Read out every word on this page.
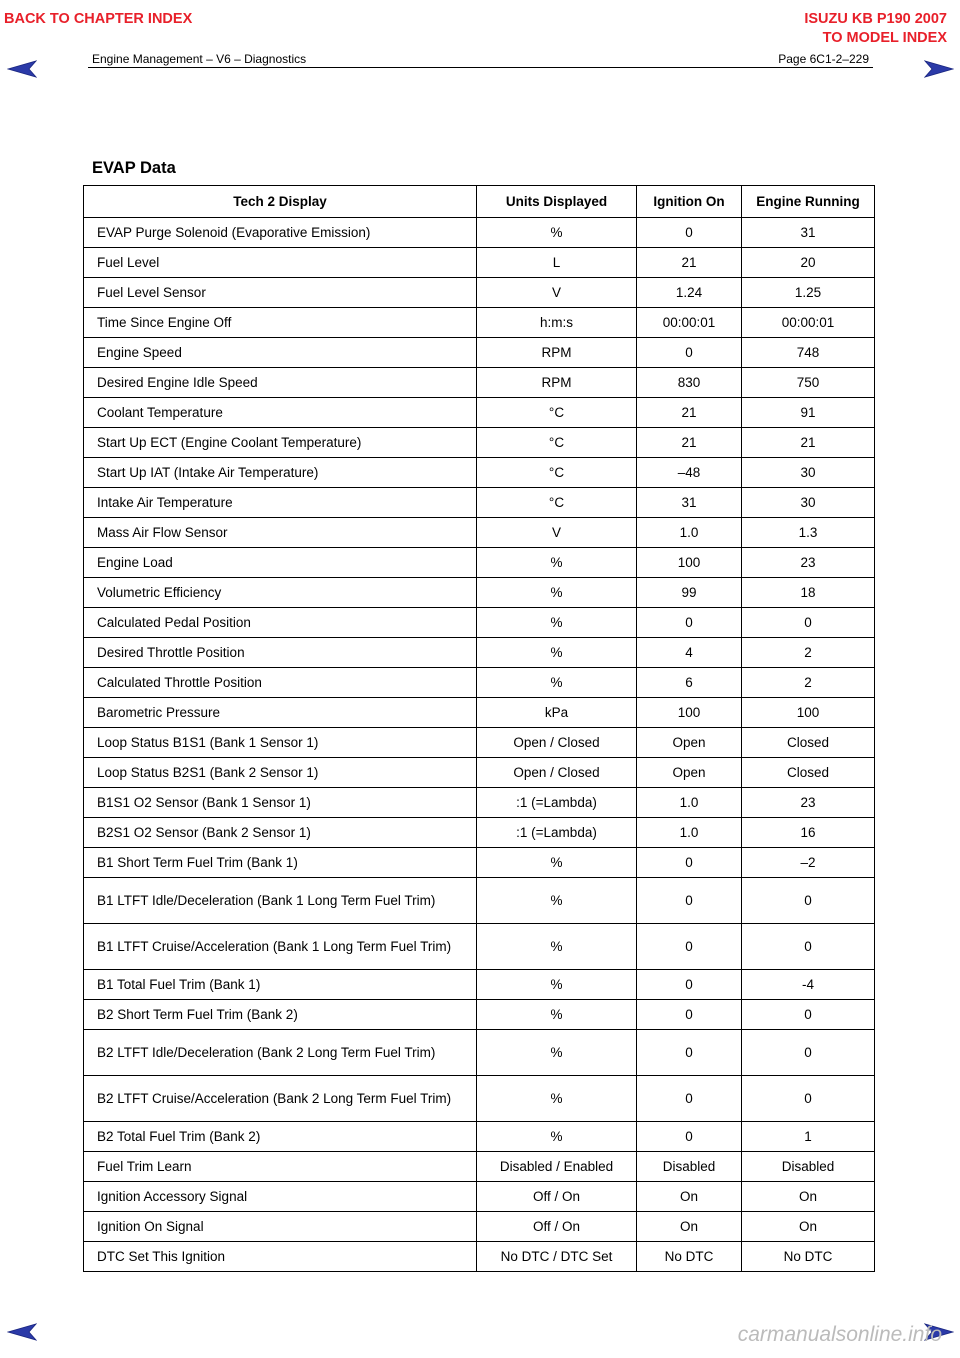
BACK TO CHAPTER INDEX	ISUZU KB P190 2007
TO MODEL INDEX
Engine Management – V6 – Diagnostics	Page 6C1-2–229
EVAP Data
Tech 2 Display	Units Displayed	Ignition On	Engine Running
EVAP Purge Solenoid (Evaporative Emission)	%	0	31
Fuel Level	L	21	20
Fuel Level Sensor	V	1.24	1.25
Time Since Engine Off	h:m:s	00:00:01	00:00:01
Engine Speed	RPM	0	748
Desired Engine Idle Speed	RPM	830	750
Coolant Temperature	°C	21	91
Start Up ECT (Engine Coolant Temperature)	°C	21	21
Start Up IAT (Intake Air Temperature)	°C	–48	30
Intake Air Temperature	°C	31	30
Mass Air Flow Sensor	V	1.0	1.3
Engine Load	%	100	23
Volumetric Efficiency	%	99	18
Calculated Pedal Position	%	0	0
Desired Throttle Position	%	4	2
Calculated Throttle Position	%	6	2
Barometric Pressure	kPa	100	100
Loop Status B1S1 (Bank 1 Sensor 1)	Open / Closed	Open	Closed
Loop Status B2S1 (Bank 2 Sensor 1)	Open / Closed	Open	Closed
B1S1 O2 Sensor (Bank 1 Sensor 1)	:1 (=Lambda)	1.0	23
B2S1 O2 Sensor (Bank 2 Sensor 1)	:1 (=Lambda)	1.0	16
B1 Short Term Fuel Trim (Bank 1)	%	0	–2
B1 LTFT Idle/Deceleration (Bank 1 Long Term Fuel Trim)	%	0	0
B1 LTFT Cruise/Acceleration (Bank 1 Long Term Fuel Trim)	%	0	0
B1 Total Fuel Trim (Bank 1)	%	0	-4
B2 Short Term Fuel Trim (Bank 2)	%	0	0
B2 LTFT Idle/Deceleration (Bank 2 Long Term Fuel Trim)	%	0	0
B2 LTFT Cruise/Acceleration (Bank 2 Long Term Fuel Trim)	%	0	0
B2 Total Fuel Trim (Bank 2)	%	0	1
Fuel Trim Learn	Disabled / Enabled	Disabled	Disabled
Ignition Accessory Signal	Off / On	On	On
Ignition On Signal	Off / On	On	On
DTC Set This Ignition	No DTC / DTC Set	No DTC	No DTC
carmanualsonline.info
